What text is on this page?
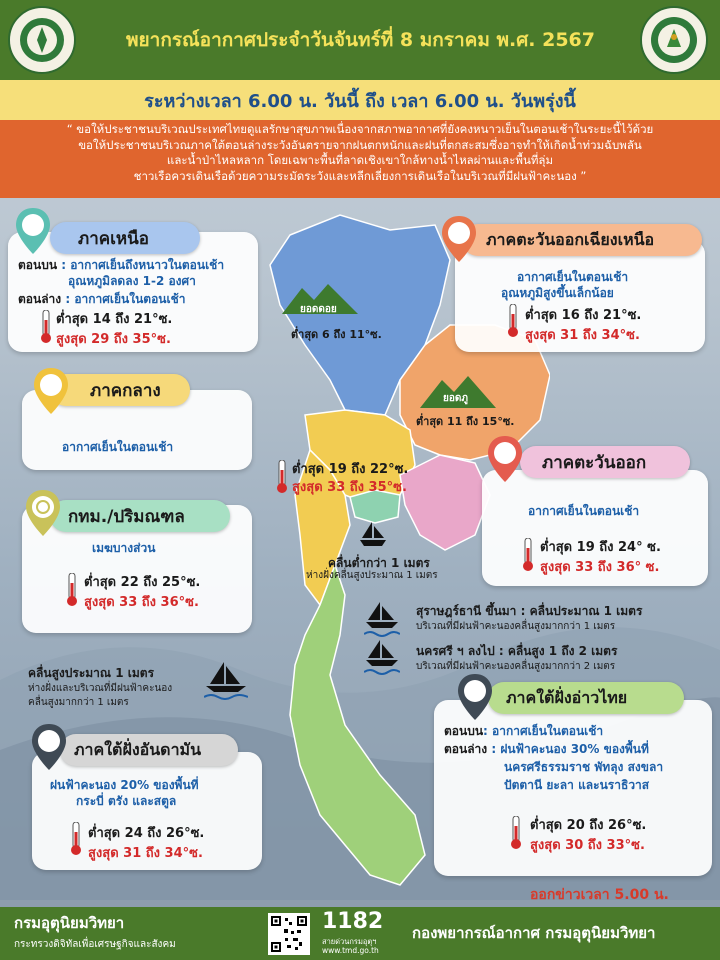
พยากรณ์อากาศประจำวันจันทร์ที่ 8 มกราคม พ.ศ. 2567
ระหว่างเวลา 6.00 น. วันนี้ ถึง เวลา 6.00 น. วันพรุ่งนี้
“ ขอให้ประชาชนบริเวณประเทศไทยดูแลรักษาสุขภาพเนื่องจากสภาพอากาศที่ยังคงหนาวเย็นในตอนเช้าในระยะนี้ไว้ด้วย
ขอให้ประชาชนบริเวณภาคใต้ตอนล่างระวังอันตรายจากฝนตกหนักและฝนที่ตกสะสมซึ่งอาจทำให้เกิดน้ำท่วมฉับพลัน
และน้ำป่าไหลหลาก โดยเฉพาะพื้นที่ลาดเชิงเขาใกล้ทางน้ำไหลผ่านและพื้นที่ลุ่ม
ชาวเรือควรเดินเรือด้วยความระมัดระวังและหลีกเลี่ยงการเดินเรือในบริเวณที่มีฝนฟ้าคะนอง ”
ยอดดอย
ต่ำสุด 6 ถึง 11°ซ.
ยอดภู
ต่ำสุด 11 ถึง 15°ซ.
ตอนบน : อากาศเย็นถึงหนาวในตอนเช้า
อุณหภูมิลดลง 1-2 องศา
ตอนล่าง : อากาศเย็นในตอนเช้า
ต่ำสุด 14 ถึง 21°ซ.
สูงสุด 29 ถึง 35°ซ.
ภาคเหนือ
อากาศเย็นในตอนเช้า
อุณหภูมิสูงขึ้นเล็กน้อย
ต่ำสุด 16 ถึง 21°ซ.
สูงสุด 31 ถึง 34°ซ.
ภาคตะวันออกเฉียงเหนือ
อากาศเย็นในตอนเช้า
ภาคกลาง
ต่ำสุด 19 ถึง 22°ซ.
สูงสุด 33 ถึง 35°ซ.
อากาศเย็นในตอนเช้า
ต่ำสุด 19 ถึง 24° ซ.
สูงสุด 33 ถึง 36° ซ.
ภาคตะวันออก
เมฆบางส่วน
ต่ำสุด 22 ถึง 25°ซ.
สูงสุด 33 ถึง 36°ซ.
กทม./ปริมณฑล
คลื่นต่ำกว่า 1 เมตร
ห่างฝั่งคลื่นสูงประมาณ 1 เมตร
สุราษฎร์ธานี ขึ้นมา : คลื่นประมาณ 1 เมตร
บริเวณที่มีฝนฟ้าคะนองคลื่นสูงมากกว่า 1 เมตร
นครศรี ฯ ลงไป : คลื่นสูง 1 ถึง 2 เมตร
บริเวณที่มีฝนฟ้าคะนองคลื่นสูงมากกว่า 2 เมตร
คลื่นสูงประมาณ 1 เมตร
ห่างฝั่งและบริเวณที่มีฝนฟ้าคะนอง
คลื่นสูงมากกว่า 1 เมตร
ฝนฟ้าคะนอง 20% ของพื้นที่
กระบี่ ตรัง และสตูล
ต่ำสุด 24 ถึง 26°ซ.
สูงสุด 31 ถึง 34°ซ.
ภาคใต้ฝั่งอันดามัน
ตอนบน: อากาศเย็นในตอนเช้า
ตอนล่าง : ฝนฟ้าคะนอง 30% ของพื้นที่
นครศรีธรรมราช พัทลุง สงขลา
ปัตตานี ยะลา และนราธิวาส
ต่ำสุด 20 ถึง 26°ซ.
สูงสุด 30 ถึง 33°ซ.
ภาคใต้ฝั่งอ่าวไทย
ออกข่าวเวลา 5.00 น.
กรมอุตุนิยมวิทยา
กระทรวงดิจิทัลเพื่อเศรษฐกิจและสังคม
1182
สายด่วนกรมอุตุฯ
www.tmd.go.th
กองพยากรณ์อากาศ กรมอุตุนิยมวิทยา
